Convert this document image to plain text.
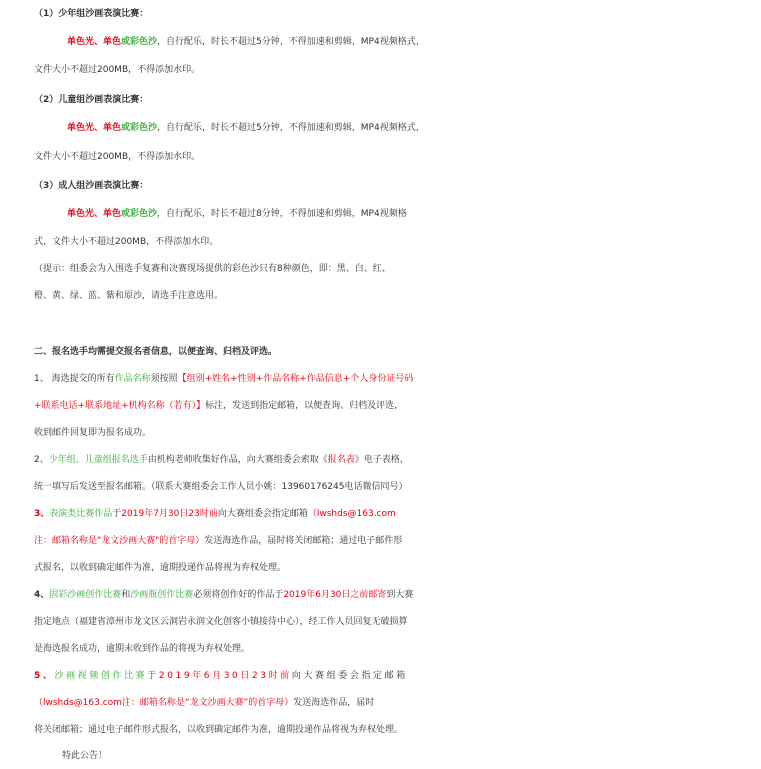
（1）少年组沙画表演比赛：
单色光、单色或彩色沙，自行配乐，时长不超过5分钟，不得加速和剪辑，MP4视频格式，
文件大小不超过200MB，不得添加水印。
（2）儿童组沙画表演比赛：
单色光、单色或彩色沙，自行配乐，时长不超过5分钟，不得加速和剪辑，MP4视频格式，
文件大小不超过200MB，不得添加水印。
（3）成人组沙画表演比赛：
单色光、单色或彩色沙，自行配乐，时长不超过8分钟，不得加速和剪辑，MP4视频格
式，文件大小不超过200MB，不得添加水印。
（提示：组委会为入围选手复赛和决赛现场提供的彩色沙只有8种颜色，即：黑、白、红、
橙、黄、绿、蓝、紫和原沙，请选手注意选用。
二、报名选手均需提交报名者信息，以便查询、归档及评选。
1、 海选提交的所有作品名称须按照【组别+姓名+性别+作品名称+作品信息+个人身份证号码
+联系电话+联系地址+机构名称（若有）】标注，发送到指定邮箱，以便查询、归档及评选，
收到邮件回复即为报名成功。
2、少年组、儿童组报名选手由机构老师收集好作品，向大赛组委会索取《报名表》电子表格，
统一填写后发送至报名邮箱。（联系大赛组委会工作人员小姚：13960176245电话微信同号）
3、表演类比赛作品于2019年7月30日23时前向大赛组委会指定邮箱（lwshds@163.com
注：邮箱名称是"龙文沙画大赛"的首字母）发送海选作品，届时将关闭邮箱；通过电子邮件形
式报名，以收到确定邮件为准，逾期投递作品将视为弃权处理。
4、固彩沙画创作比赛和沙画瓶创作比赛必须将创作好的作品于2019年6月30日之前邮寄到大赛
指定地点（福建省漳州市龙文区云洞岩永润文化创客小镇接待中心），经工作人员回复无破损算
是海选报名成功，逾期未收到作品的将视为弃权处理。
5、沙画视频创作比赛于2019年6月30日23时前向大赛组委会指定邮箱
（lwshds@163.com注：邮箱名称是“龙文沙画大赛”的首字母）发送海选作品，届时
将关闭邮箱；通过电子邮件形式报名，以收到确定邮件为准，逾期投递作品将视为弃权处理。
特此公告！
